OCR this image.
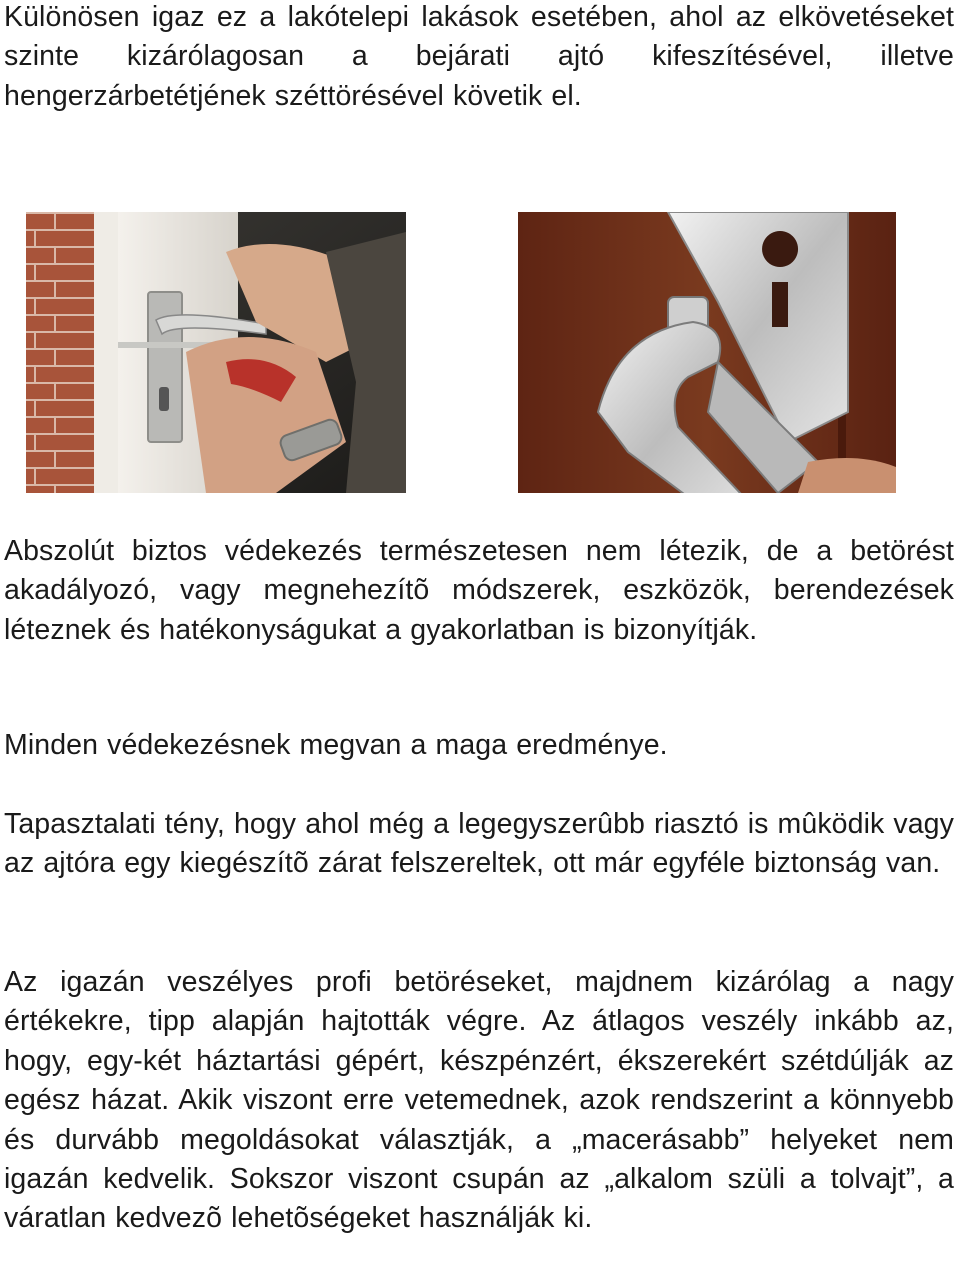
Különösen igaz ez a lakótelepi lakások esetében, ahol az elkövetéseket szinte kizárólagosan a bejárati ajtó kifeszítésével, illetve hengerzárbetétjének széttörésével követik el.

Abszolút biztos védekezés természetesen nem létezik, de a betörést akadályozó, vagy megnehezítõ módszerek, eszközök, berendezések léteznek és hatékonyságukat a gyakorlatban is bizonyítják.

Minden védekezésnek megvan a maga eredménye.

Tapasztalati tény, hogy ahol még a legegyszerûbb riasztó is mûködik vagy az ajtóra egy kiegészítõ zárat felszereltek, ott már egyféle biztonság van.

Az igazán veszélyes profi betöréseket, majdnem kizárólag a nagy értékekre, tipp alapján hajtották végre. Az átlagos veszély inkább az, hogy, egy-két háztartási gépért, készpénzért, ékszerekért szétdúlják az egész házat. Akik viszont erre vetemednek, azok rendszerint a könnyebb és durvább megoldásokat választják, a „macerásabb” helyeket nem igazán kedvelik. Sokszor viszont csupán az „alkalom szüli a tolvajt”, a váratlan kedvezõ lehetõségeket használják ki.
